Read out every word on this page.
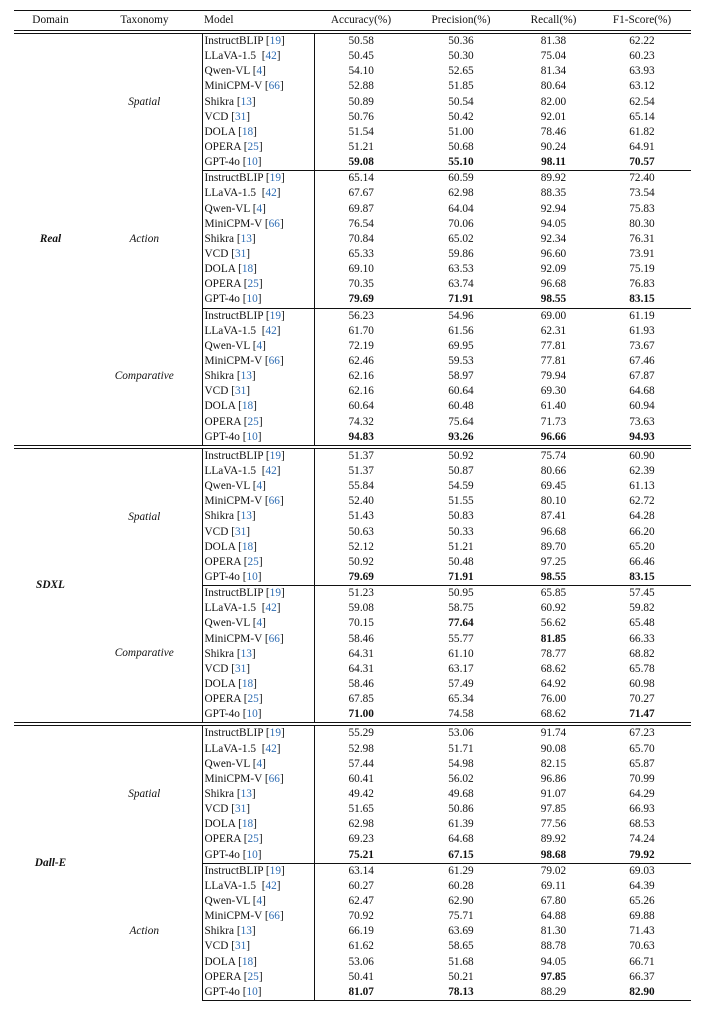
Domain	Taxonomy	Model	Accuracy(%)	Precision(%)	Recall(%)	F1-Score(%)
Real	Spatial	InstructBLIP [19]	50.58	50.36	81.38	62.22
		LLaVA-1.5 [42]	50.45	50.30	75.04	60.23
		Qwen-VL [4]	54.10	52.65	81.34	63.93
		MiniCPM-V [66]	52.88	51.85	80.64	63.12
		Shikra [13]	50.89	50.54	82.00	62.54
		VCD [31]	50.76	50.42	92.01	65.14
		DOLA [18]	51.54	51.00	78.46	61.82
		OPERA [25]	51.21	50.68	90.24	64.91
		GPT-4o [10]	59.08	55.10	98.11	70.57
	Action	InstructBLIP [19]	65.14	60.59	89.92	72.40
		LLaVA-1.5 [42]	67.67	62.98	88.35	73.54
		Qwen-VL [4]	69.87	64.04	92.94	75.83
		MiniCPM-V [66]	76.54	70.06	94.05	80.30
		Shikra [13]	70.84	65.02	92.34	76.31
		VCD [31]	65.33	59.86	96.60	73.91
		DOLA [18]	69.10	63.53	92.09	75.19
		OPERA [25]	70.35	63.74	96.68	76.83
		GPT-4o [10]	79.69	71.91	98.55	83.15
	Comparative	InstructBLIP [19]	56.23	54.96	69.00	61.19
		LLaVA-1.5 [42]	61.70	61.56	62.31	61.93
		Qwen-VL [4]	72.19	69.95	77.81	73.67
		MiniCPM-V [66]	62.46	59.53	77.81	67.46
		Shikra [13]	62.16	58.97	79.94	67.87
		VCD [31]	62.16	60.64	69.30	64.68
		DOLA [18]	60.64	60.48	61.40	60.94
		OPERA [25]	74.32	75.64	71.73	73.63
		GPT-4o [10]	94.83	93.26	96.66	94.93
SDXL	Spatial	InstructBLIP [19]	51.37	50.92	75.74	60.90
		LLaVA-1.5 [42]	51.37	50.87	80.66	62.39
		Qwen-VL [4]	55.84	54.59	69.45	61.13
		MiniCPM-V [66]	52.40	51.55	80.10	62.72
		Shikra [13]	51.43	50.83	87.41	64.28
		VCD [31]	50.63	50.33	96.68	66.20
		DOLA [18]	52.12	51.21	89.70	65.20
		OPERA [25]	50.92	50.48	97.25	66.46
		GPT-4o [10]	79.69	71.91	98.55	83.15
	Comparative	InstructBLIP [19]	51.23	50.95	65.85	57.45
		LLaVA-1.5 [42]	59.08	58.75	60.92	59.82
		Qwen-VL [4]	70.15	77.64	56.62	65.48
		MiniCPM-V [66]	58.46	55.77	81.85	66.33
		Shikra [13]	64.31	61.10	78.77	68.82
		VCD [31]	64.31	63.17	68.62	65.78
		DOLA [18]	58.46	57.49	64.92	60.98
		OPERA [25]	67.85	65.34	76.00	70.27
		GPT-4o [10]	71.00	74.58	68.62	71.47
Dall-E	Spatial	InstructBLIP [19]	55.29	53.06	91.74	67.23
		LLaVA-1.5 [42]	52.98	51.71	90.08	65.70
		Qwen-VL [4]	57.44	54.98	82.15	65.87
		MiniCPM-V [66]	60.41	56.02	96.86	70.99
		Shikra [13]	49.42	49.68	91.07	64.29
		VCD [31]	51.65	50.86	97.85	66.93
		DOLA [18]	62.98	61.39	77.56	68.53
		OPERA [25]	69.23	64.68	89.92	74.24
		GPT-4o [10]	75.21	67.15	98.68	79.92
	Action	InstructBLIP [19]	63.14	61.29	79.02	69.03
		LLaVA-1.5 [42]	60.27	60.28	69.11	64.39
		Qwen-VL [4]	62.47	62.90	67.80	65.26
		MiniCPM-V [66]	70.92	75.71	64.88	69.88
		Shikra [13]	66.19	63.69	81.30	71.43
		VCD [31]	61.62	58.65	88.78	70.63
		DOLA [18]	53.06	51.68	94.05	66.71
		OPERA [25]	50.41	50.21	97.85	66.37
		GPT-4o [10]	81.07	78.13	88.29	82.90
